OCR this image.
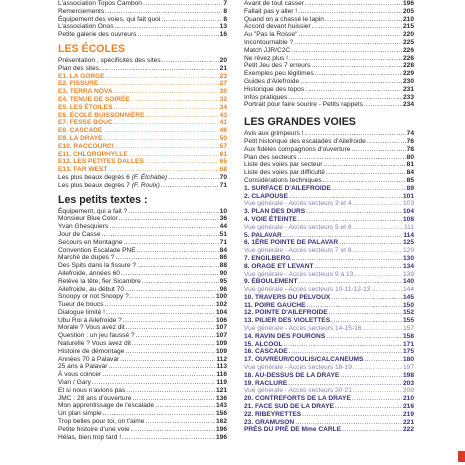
L'association Topos Cambon .....	7
Remerciements .....	8
Équipement des voies, qui fait quoi .....	8
L'association Onos .....	13
Petite galerie des ouvreurs .....	16
LES ÉCOLES
Présentation , spécificités des sites .....	20
Plan des sites .....	21
E1. LA GORGE .....	23
E2. FISSURE .....	27
E3. TERRA NOVA .....	30
E4. TENUE DE SOIRÉE .....	32
E5. LES ÉTOILES .....	34
E6. ÉCOLE BUISSONNIÈRE .....	43
E7. FESSE BOUC .....	41
E8. CASCADE .....	46
E9. LA DRAYE .....	50
E10. RACCOURCI .....	57
E11. CHLOROPHYLLE .....	61
E12. LES PETITES DALLES .....	65
E13. FAR WEST .....	68
Les plus beaux degrés 6 (F. Étchabe) .....	70
Les plus beaux degrés 7 (F. Roulx) .....	71
Les petits textes :
Équipement, qui a fait ? .....	10
Monsieur Blue Color .....	36
Yvan Ghesquiers .....	44
Jour de Casse .....	51
Secours en Montagne .....	71
Convention Escalade PNE .....	84
Marché de dupes ? .....	86
Des Spits dans la fissure ? .....	88
Ailefroide, années 60 .....	90
Relève la tête, fier Sicambre .....	95
Ailefroide, au début 70 .....	96
Snoopy or not Snoopy ? .....	100
Tueur de boucs .....	102
Dialogue limité ! .....	104
Ubu Roi à Ailefroide ? .....	106
Morale ? Vous avez dit .....	107
Question : un jeu faussé ? .....	107
Naturelle ? Vous avez dit .....	109
Histoire de démontage .....	109
Années 70 à Palavar .....	112
25 ans à Palavar .....	113
À vous coincer .....	116
Vian / Gary .....	119
Et si nous n'avions pas .....	121
JMC : 28 ans d'ouverture .....	136
Mon apprentissage de l'escalade .....	143
Un plan simple .....	156
Trop belles pour toi, on t'aime .....	162
Petite histoire d'une voie .....	196
Hélas, bien trop tard ! .....	196
Avant de tout casser .....	196
Fallait pas y aller ! .....	205
Quand on a chassé le lapin .....	210
Accord devant huissier .....	215
Au "Pas la Rosse" .....	220
Incontournable ? .....	225
Match JJR/C2C .....	226
Ne rêvez plus ! .....	226
Petit Jeu des 7 erreurs .....	228
Exemples peu légitimes .....	229
Guides d'Ailefroide .....	230
Historique des topos .....	231
Infos pratiques .....	233
Portrait pour faire sourire - Petits rappels .....	234
LES GRANDES VOIES
Avis aux grimpeurs ! .....	74
Petit historique des escalades d'Ailefroide .....	76
Aux fidèles compagnons d'ouverture .....	78
Plan des secteurs .....	80
Liste des voies par secteur .....	81
Liste des voies par difficulté .....	84
Considérations techniques .....	85
1. SURFACE D'AILEFROIDE .....	89
2. CLAPOUSE .....	101
Vue générale - Accès secteurs 3 et 4 .....	103
3. PLAN DES DURS .....	104
4. VOIE ÉTEINTE .....	108
Vue générale - Accès secteurs 5 et 6 .....	111
5. PALAVAR .....	114
6. 1ÈRE POINTE DE PALAVAR .....	125
Vue générale - Accès secteurs 7 et 8 .....	129
7. ENGILBERG .....	130
8. ORAGE ET LEVANT .....	134
Vue générale - Accès secteurs 9 à 13 .....	139
9. ÉBOULEMENT .....	140
Vue générale - Accès secteurs 10-11-12-13 .....	144
10. TRAVERS DU PELVOUX .....	145
11. POIRE GAUCHE .....	150
12. POINTE D'AILEFROIDE .....	152
13. PILIER DES VIOLETTES .....	155
Vue générale - Accès secteurs 14-15-16 .....	157
14. RAVIN DES FOURONS .....	158
15. ALCOOL .....	171
16. CASCADE .....	175
17. OUVREUR/COULIS/CALCANEUMS .....	180
Vue générale - Accès secteurs 18-19 .....	197
18. AU-DESSUS DE LA DRAYE .....	198
19. RACLURE .....	203
Vue générale - Accès secteurs 20-21 .....	209
20. CONTREFORTS DE LA DRAYE .....	210
21. FACE SUD DE LA DRAYE .....	216
22. RIBEYRETTES .....	219
23. GRAMUSON .....	221
PRÈS DU PRÉ DE Mme CARLE .....	222
